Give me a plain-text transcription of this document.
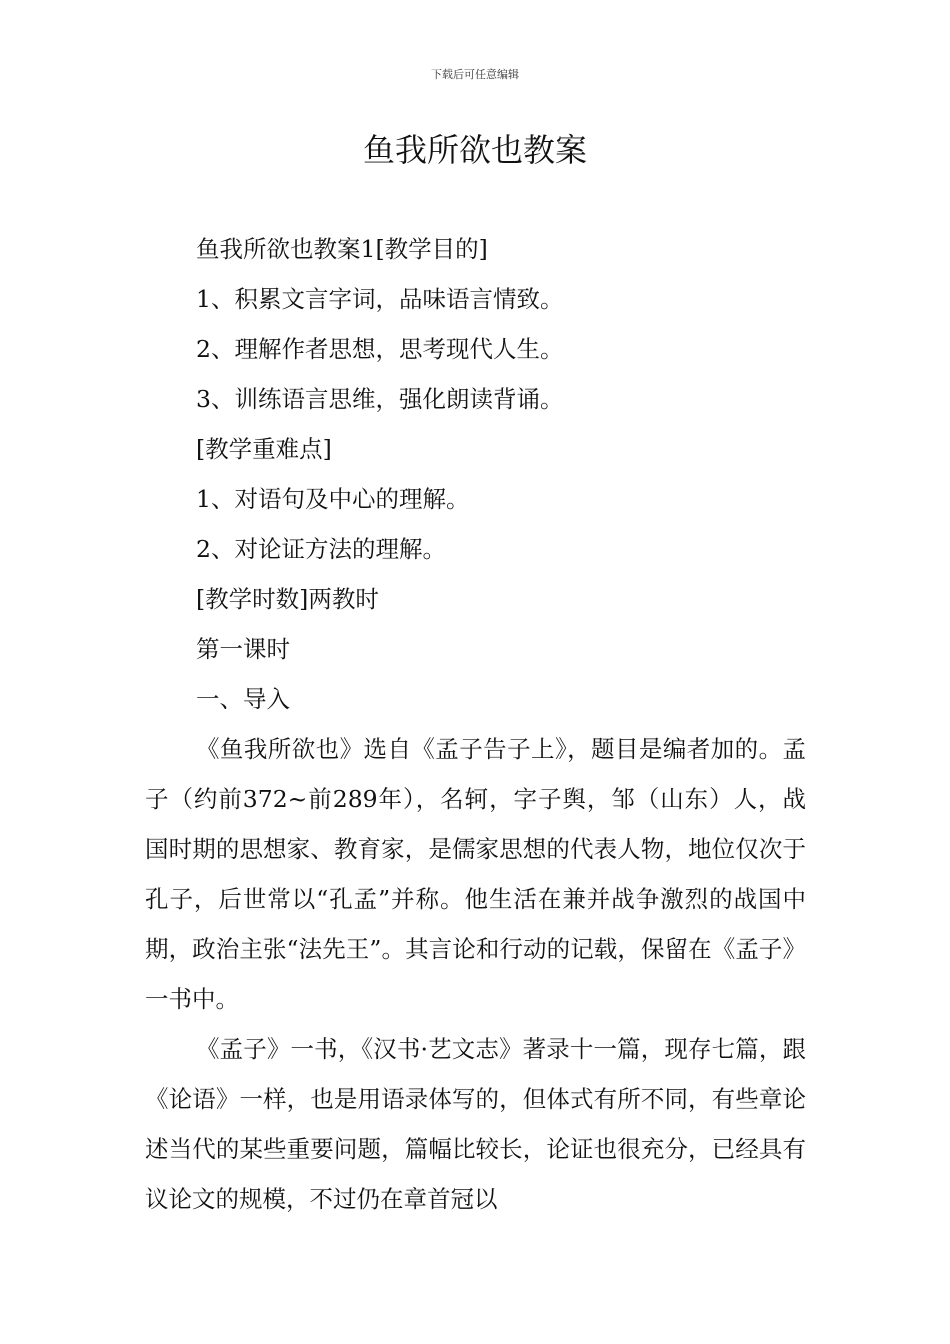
下载后可任意编辑
鱼我所欲也教案

鱼我所欲也教案1[教学目的]

1、积累文言字词，品味语言情致。

2、理解作者思想，思考现代人生。

3、训练语言思维，强化朗读背诵。

[教学重难点]

1、对语句及中心的理解。

2、对论证方法的理解。

[教学时数]两教时

第一课时

一、导入

《鱼我所欲也》选自《孟子告子上》，题目是编者加的。孟子（约前372~前289年），名轲，字子舆，邹（山东）人，战国时期的思想家、教育家，是儒家思想的代表人物，地位仅次于孔子，后世常以“孔孟”并称。他生活在兼并战争激烈的战国中期，政治主张“法先王”。其言论和行动的记载，保留在《孟子》一书中。

《孟子》一书，《汉书·艺文志》著录十一篇，现存七篇，跟《论语》一样，也是用语录体写的，但体式有所不同，有些章论述当代的某些重要问题，篇幅比较长，论证也很充分，已经具有议论文的规模，不过仍在章首冠以
